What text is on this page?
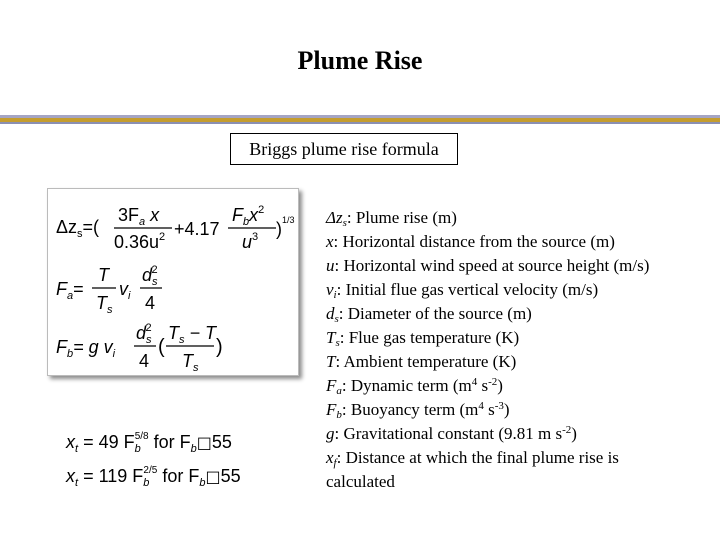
Plume Rise
Briggs plume rise formula
$\Delta z_s=$(
$3F_a$ x
$0.36u^2 +4.17$
$F_bx^2$
$u^3$ )$^{1/3}$
$F_a=$
T
$T_s$
$v_i$
$d_s2$
4
$F_b= g$ $v_i$
$d_s2$
4
(
$T_s - T$
$T_s$
)
$x_t = 49$ $F_b5/8$ for $F_b□55$
$x_t = 119$ $F_b2/5$ for $F_b□55$
$\Delta z_s$: Plume rise (m)
x: Horizontal distance from the source (m)
u: Horizontal wind speed at source height (m/s)
$v_i$: Initial flue gas vertical velocity (m/s)
$d_s$: Diameter of the source (m)
$T_s$: Flue gas temperature (K)
T: Ambient temperature (K)
$F_a$: Dynamic term ($m^4$ $s^{-2}$)
$F_b$: Buoyancy term ($m^4$ $s^{-3}$)
g: Gravitational constant (9.81 m $s^{-2}$)
$x_f$: Distance at which the final plume rise is calculated
